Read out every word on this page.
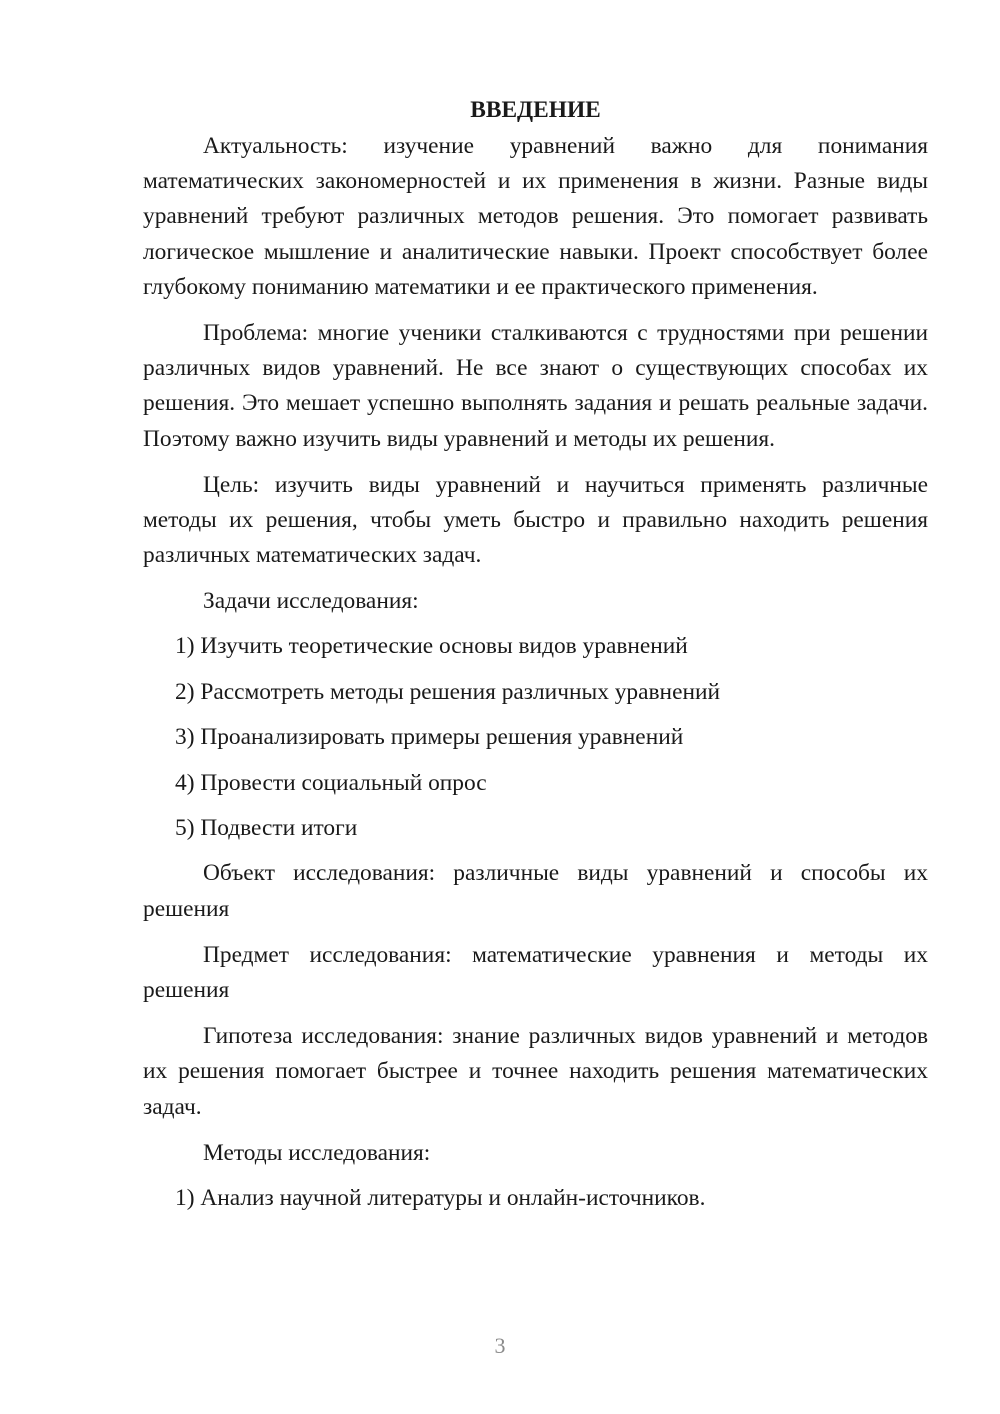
ВВЕДЕНИЕ

Актуальность: изучение уравнений важно для понимания математических закономерностей и их применения в жизни. Разные виды уравнений требуют различных методов решения. Это помогает развивать логическое мышление и аналитические навыки. Проект способствует более глубокому пониманию математики и ее практического применения.

Проблема: многие ученики сталкиваются с трудностями при решении различных видов уравнений. Не все знают о существующих способах их решения. Это мешает успешно выполнять задания и решать реальные задачи. Поэтому важно изучить виды уравнений и методы их решения.

Цель: изучить виды уравнений и научиться применять различные методы их решения, чтобы уметь быстро и правильно находить решения различных математических задач.

Задачи исследования:
1) Изучить теоретические основы видов уравнений
2) Рассмотреть методы решения различных уравнений
3) Проанализировать примеры решения уравнений
4) Провести социальный опрос
5) Подвести итоги

Объект исследования: различные виды уравнений и способы их решения

Предмет исследования: математические уравнения и методы их решения

Гипотеза исследования: знание различных видов уравнений и методов их решения помогает быстрее и точнее находить решения математических задач.

Методы исследования:
1) Анализ научной литературы и онлайн-источников.
3
